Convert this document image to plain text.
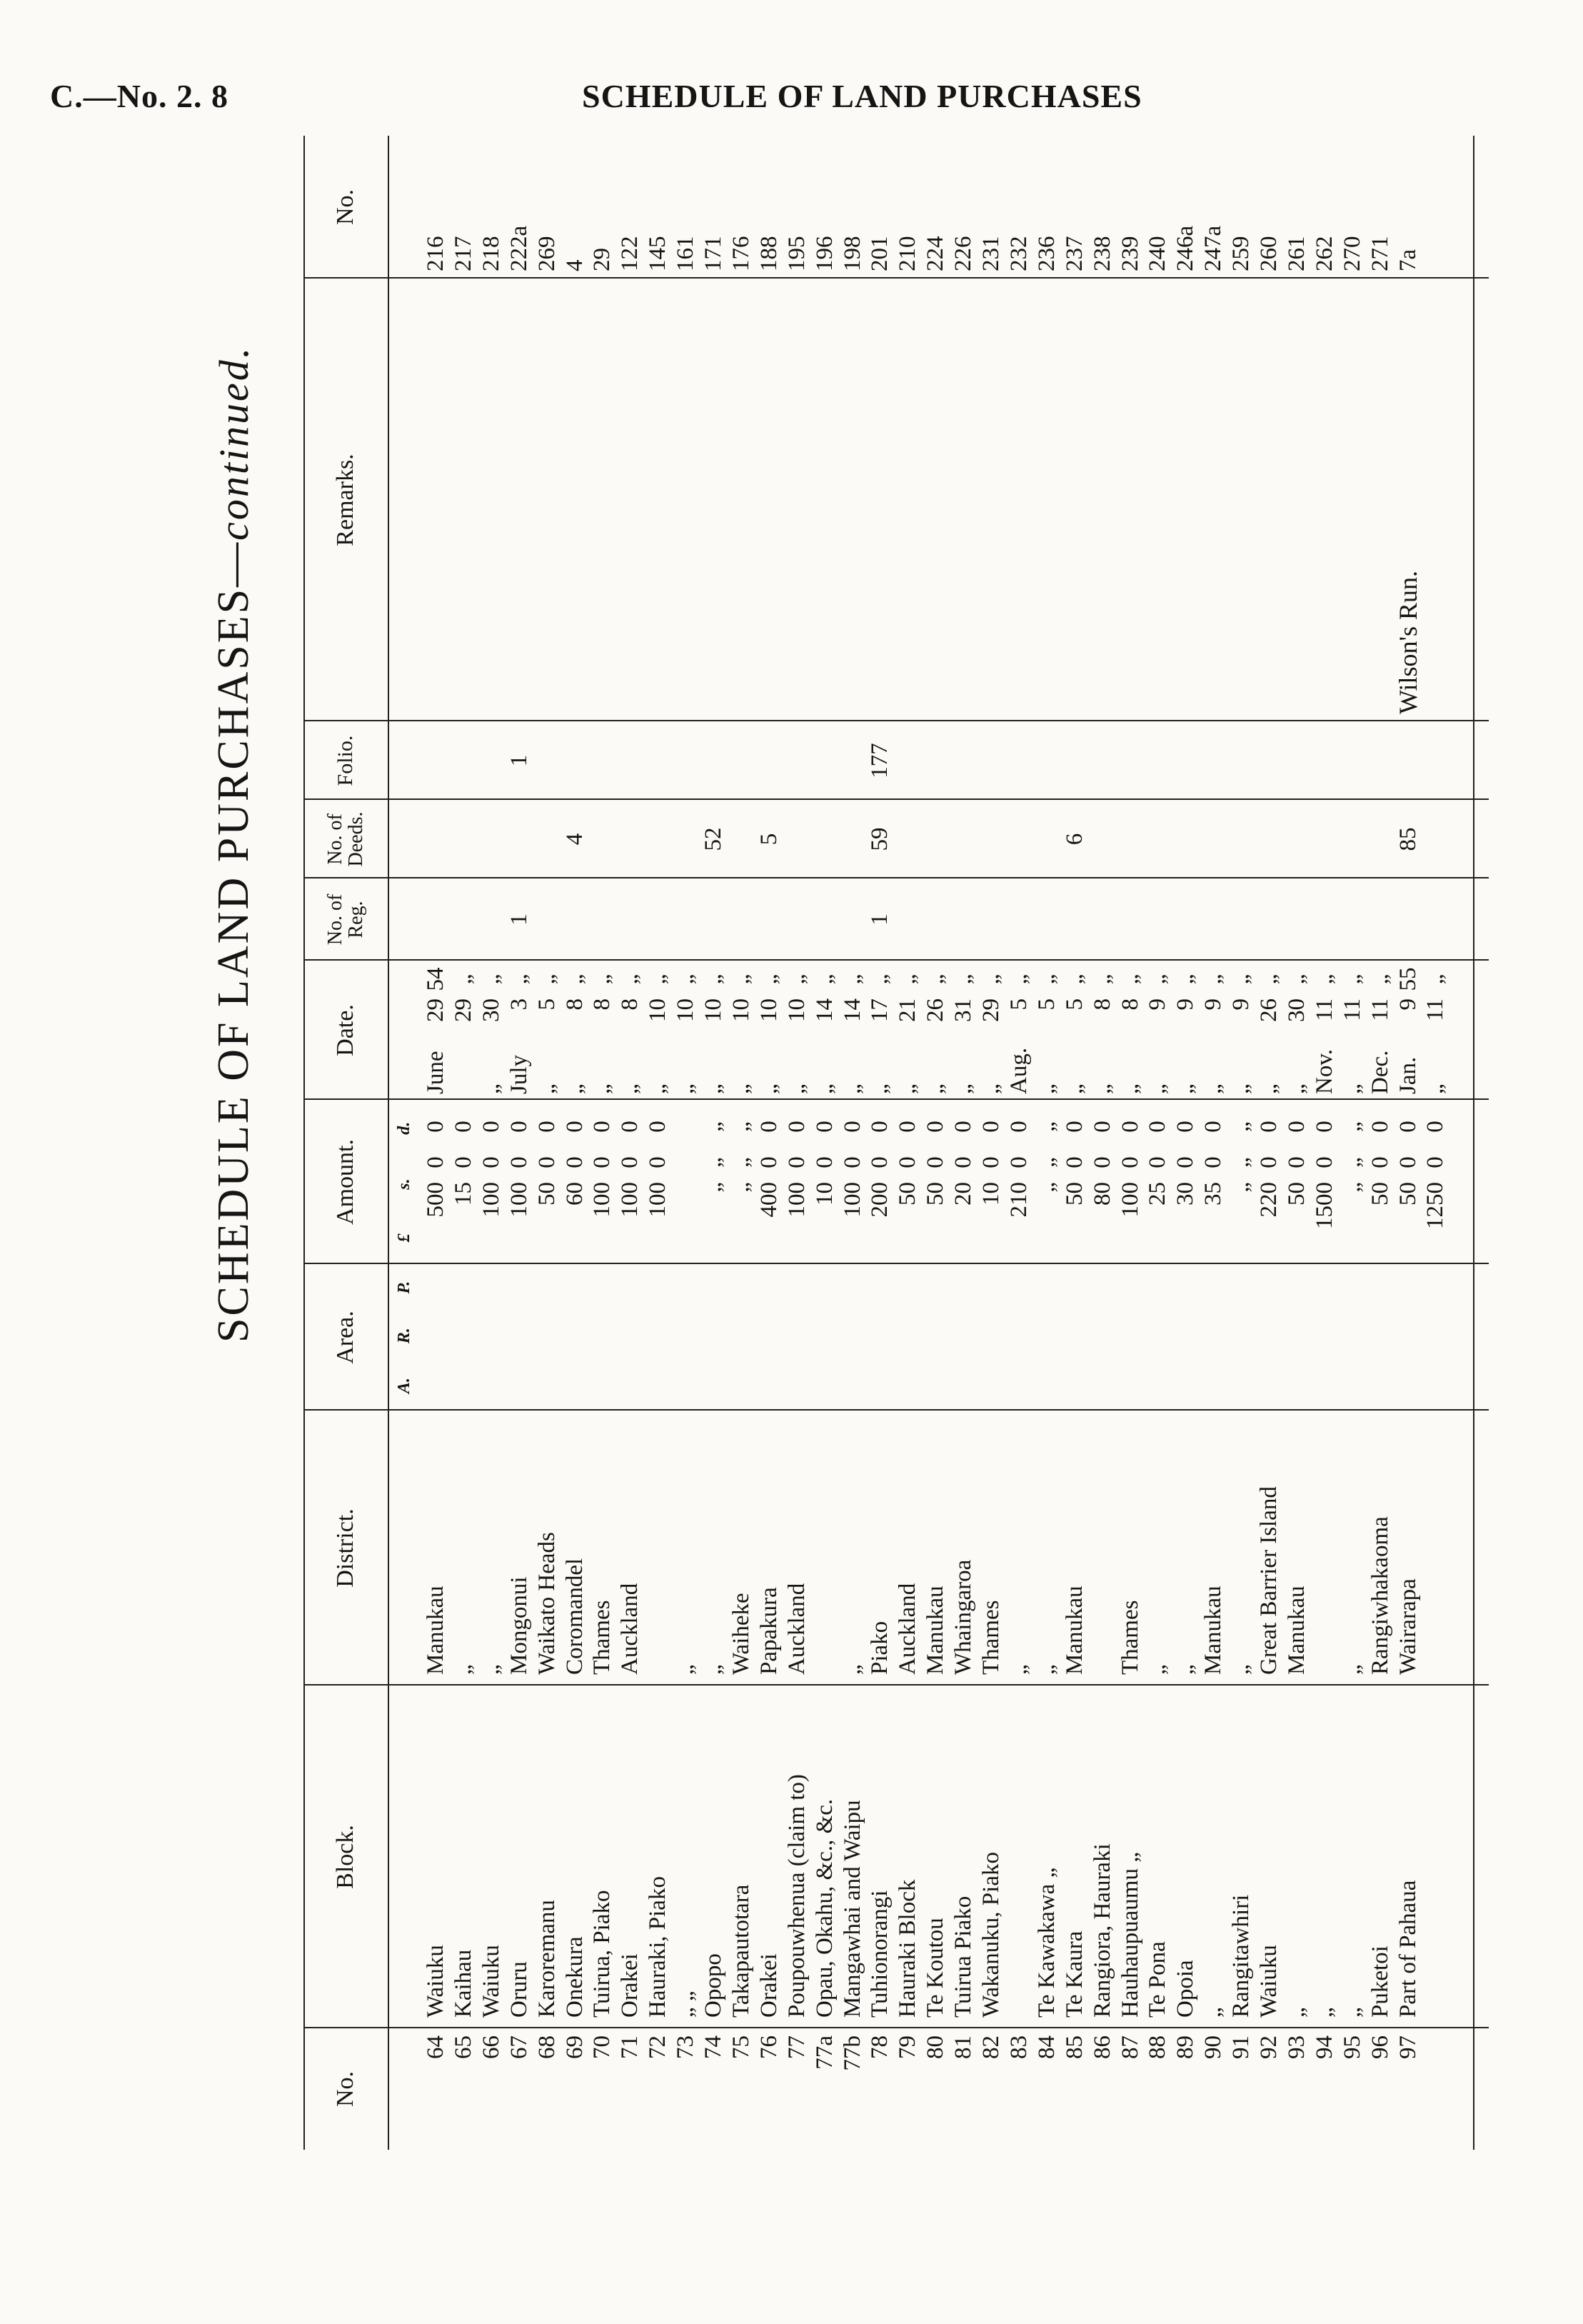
C.—No. 2. 8	SCHEDULE OF LAND PURCHASES
SCHEDULE OF LAND PURCHASES—continued.
No.
Block.
District.
Area.
Amount.
Date.
No. of Reg.
No. of Deeds.
Folio.
Remarks.
No.
A.
R.
P.
£
s.
d.
64
Waiuku
Manukau
500
0
0
June
29
54
216
65
Kaihau
„
15
0
0
29
„
217
66
Waiuku
„
100
0
0
„
30
„
218
67
Oruru
Mongonui
100
0
0
July
3
„
1
1
222a
68
Karoremanu
Waikato Heads
50
0
0
„
5
„
269
69
Onekura
Coromandel
60
0
0
„
8
„
4
4
70
Tuirua, Piako
Thames
100
0
0
„
8
„
29
71
Orakei
Auckland
100
0
0
„
8
„
122
72
Hauraki, Piako
100
0
0
„
10
„
145
73
„ „
„
„
10
„
161
74
Opopo
„
„
„
„
„
10
„
52
171
75
Takapautotara
Waiheke
„
„
„
„
10
„
176
76
Orakei
Papakura
400
0
0
„
10
„
5
188
77
Poupouwhenua (claim to)
Auckland
100
0
0
„
10
„
195
77a
Opau, Okahu, &c., &c.
10
0
0
„
14
„
196
77b
Mangawhai and Waipu
„
100
0
0
„
14
„
198
78
Tuhionorangi
Piako
200
0
0
„
17
„
1
59
177
201
79
Hauraki Block
Auckland
50
0
0
„
21
„
210
80
Te Koutou
Manukau
50
0
0
„
26
„
224
81
Tuirua Piako
Whaingaroa
20
0
0
„
31
„
226
82
Wakanuku, Piako
Thames
10
0
0
„
29
„
231
83
„
210
0
0
Aug.
5
„
232
84
Te Kawakawa „
„
„
„
„
„
5
„
236
85
Te Kaura
Manukau
50
0
0
„
5
„
6
237
86
Rangiora, Hauraki
80
0
0
„
8
„
238
87
Hauhaupuaumu „
Thames
100
0
0
„
8
„
239
88
Te Pona
„
25
0
0
„
9
„
240
89
Opoia
„
30
0
0
„
9
„
246a
90
„
Manukau
35
0
0
„
9
„
247a
91
Rangitawhiri
„
„
„
„
„
9
„
259
92
Waiuku
Great Barrier Island
220
0
0
„
26
„
260
93
„
Manukau
50
0
0
„
30
„
261
94
„
1500
0
0
Nov.
11
„
262
95
„
„
„
„
„
„
11
„
270
96
Puketoi
Rangiwhakaoma
50
0
0
Dec.
11
„
271
97
Part of Pahaua
Wairarapa
50
0
0
Jan.
9
55
85
Wilson's Run.
7a
1250
0
0
„
11
„
